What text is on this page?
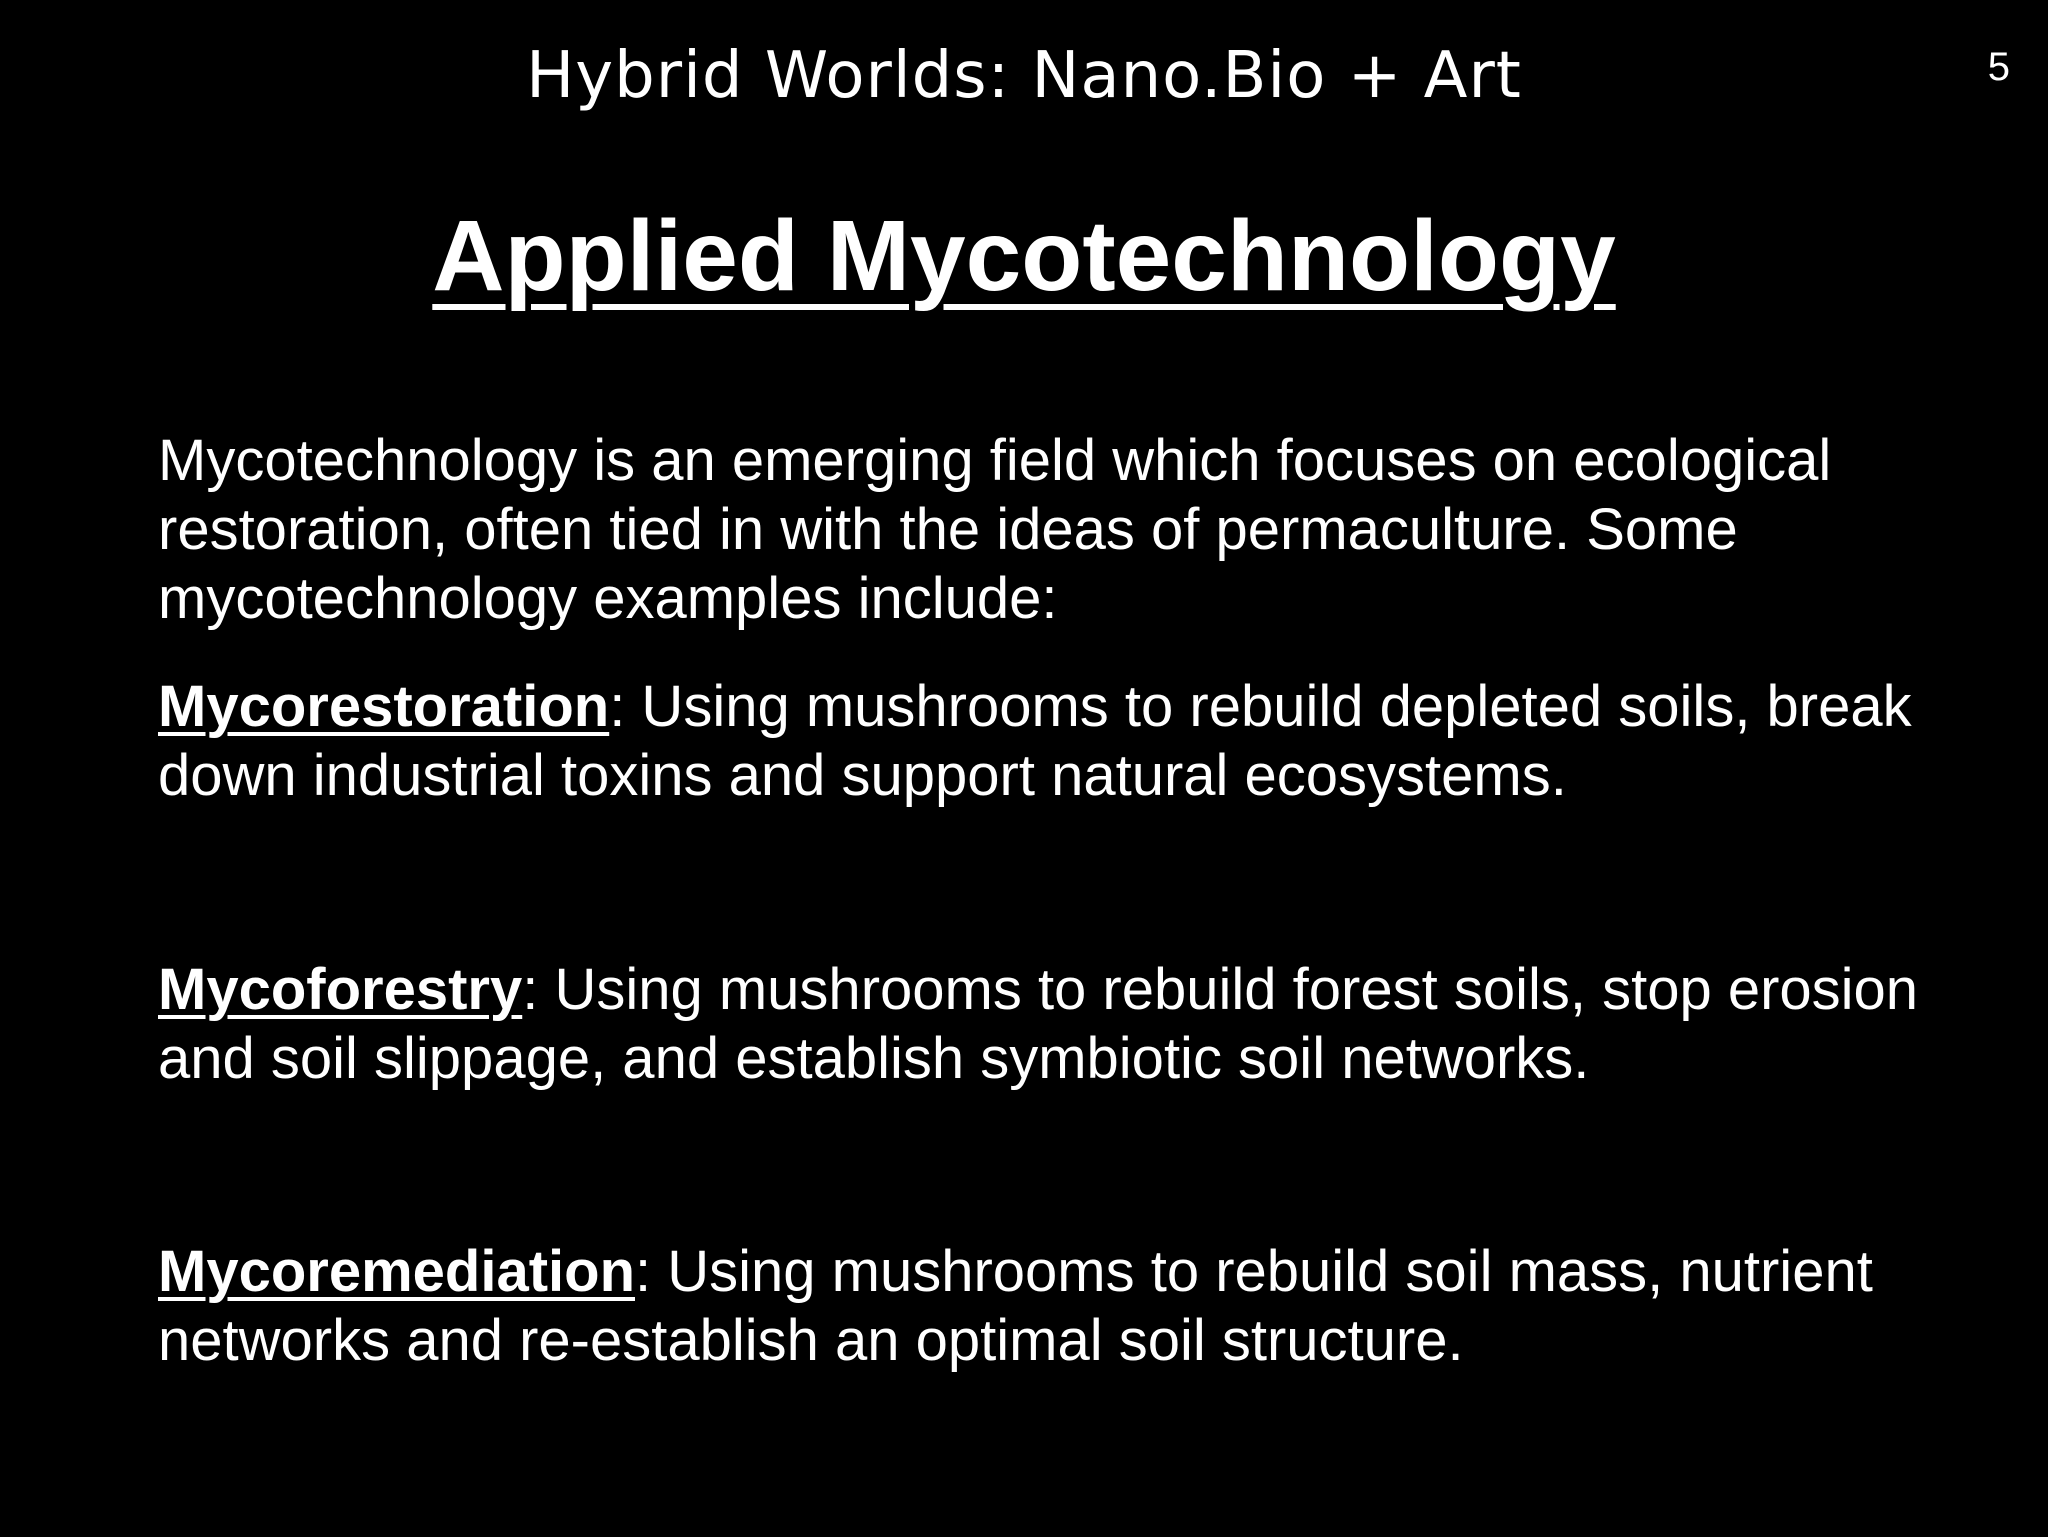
Hybrid Worlds: Nano.Bio + Art	5
Applied Mycotechnology
Mycotechnology is an emerging field which focuses on ecological restoration, often tied in with the ideas of permaculture. Some mycotechnology examples include:
Mycorestoration: Using mushrooms to rebuild depleted soils, break down industrial toxins and support natural ecosystems.
Mycoforestry: Using mushrooms to rebuild forest soils, stop erosion and soil slippage, and establish symbiotic soil networks.
Mycoremediation: Using mushrooms to rebuild soil mass, nutrient networks and re-establish an optimal soil structure.
